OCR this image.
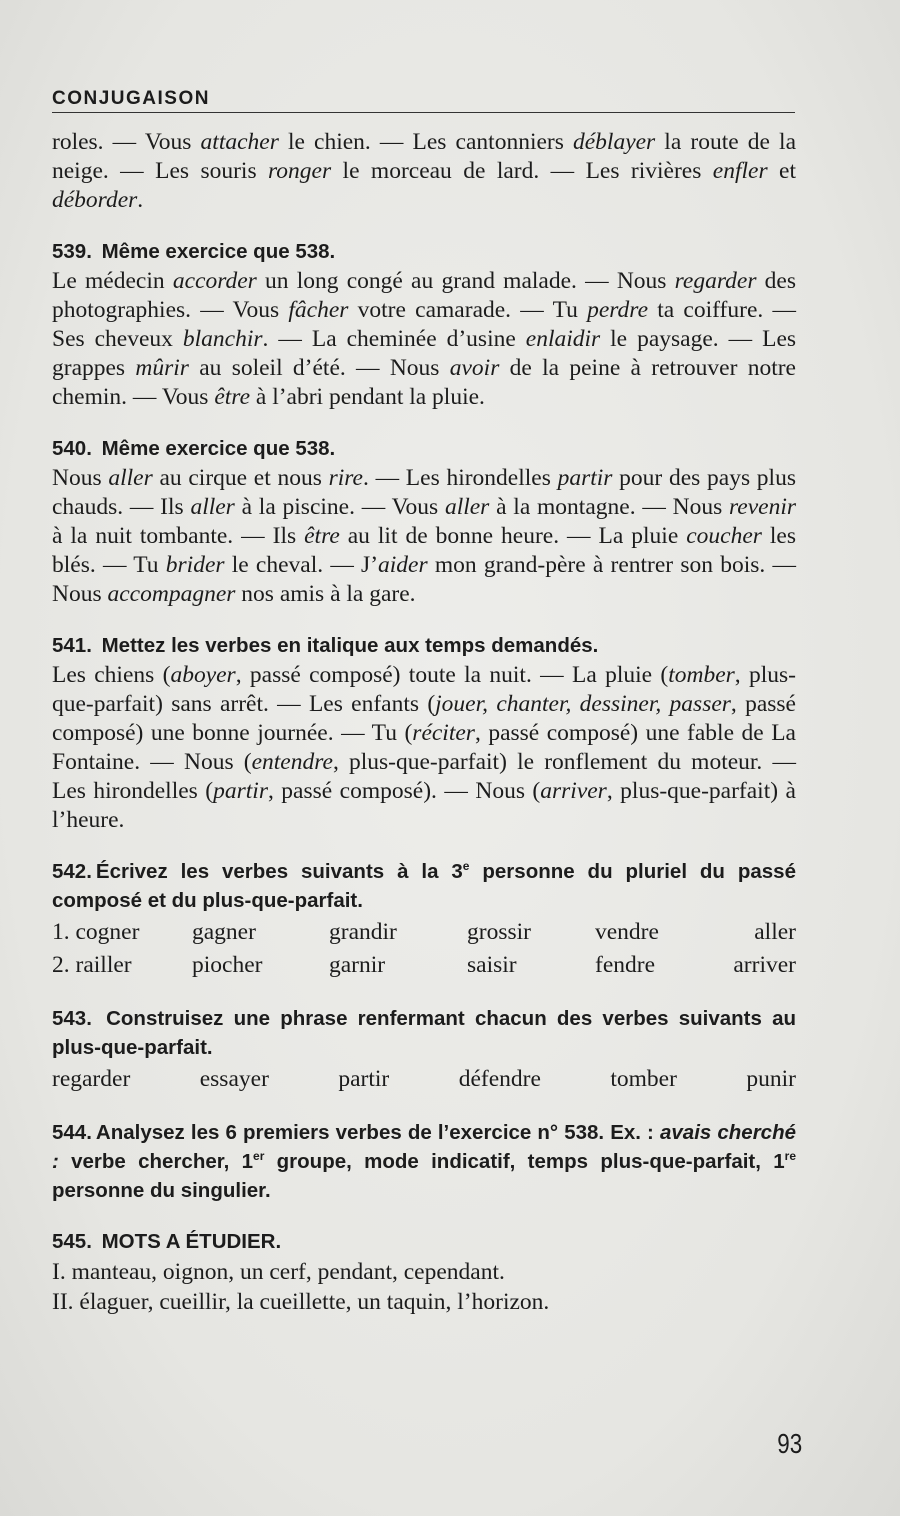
CONJUGAISON

roles. — Vous attacher le chien. — Les cantonniers déblayer la route de la neige. — Les souris ronger le morceau de lard. — Les rivières enfler et déborder.

539. Même exercice que 538.

Le médecin accorder un long congé au grand malade. — Nous regarder des photographies. — Vous fâcher votre camarade. — Tu perdre ta coiffure. — Ses cheveux blanchir. — La cheminée d’usine enlaidir le paysage. — Les grappes mûrir au soleil d’été. — Nous avoir de la peine à retrouver notre chemin. — Vous être à l’abri pendant la pluie.

540. Même exercice que 538.

Nous aller au cirque et nous rire. — Les hirondelles partir pour des pays plus chauds. — Ils aller à la piscine. — Vous aller à la montagne. — Nous revenir à la nuit tombante. — Ils être au lit de bonne heure. — La pluie coucher les blés. — Tu brider le cheval. — J’aider mon grand-père à rentrer son bois. — Nous accompagner nos amis à la gare.

541. Mettez les verbes en italique aux temps demandés.

Les chiens (aboyer, passé composé) toute la nuit. — La pluie (tomber, plus-que-parfait) sans arrêt. — Les enfants (jouer, chanter, dessiner, passer, passé composé) une bonne journée. — Tu (réciter, passé composé) une fable de La Fontaine. — Nous (entendre, plus-que-parfait) le ronflement du moteur. — Les hirondelles (partir, passé composé). — Nous (arriver, plus-que-parfait) à l’heure.

542. Écrivez les verbes suivants à la 3e personne du pluriel du passé composé et du plus-que-parfait.
1. cogner	gagner	grandir	grossir	vendre	aller
2. railler	piocher	garnir	saisir	fendre	arriver
543. Construisez une phrase renfermant chacun des verbes suivants au plus-que-parfait.
regarder	essayer	partir	défendre	tomber	punir
544. Analysez les 6 premiers verbes de l’exercice n° 538. Ex. : avais cherché : verbe chercher, 1er groupe, mode indicatif, temps plus-que-parfait, 1re personne du singulier.
545. MOTS A ÉTUDIER.
I. manteau, oignon, un cerf, pendant, cependant.
II. élaguer, cueillir, la cueillette, un taquin, l’horizon.
93
